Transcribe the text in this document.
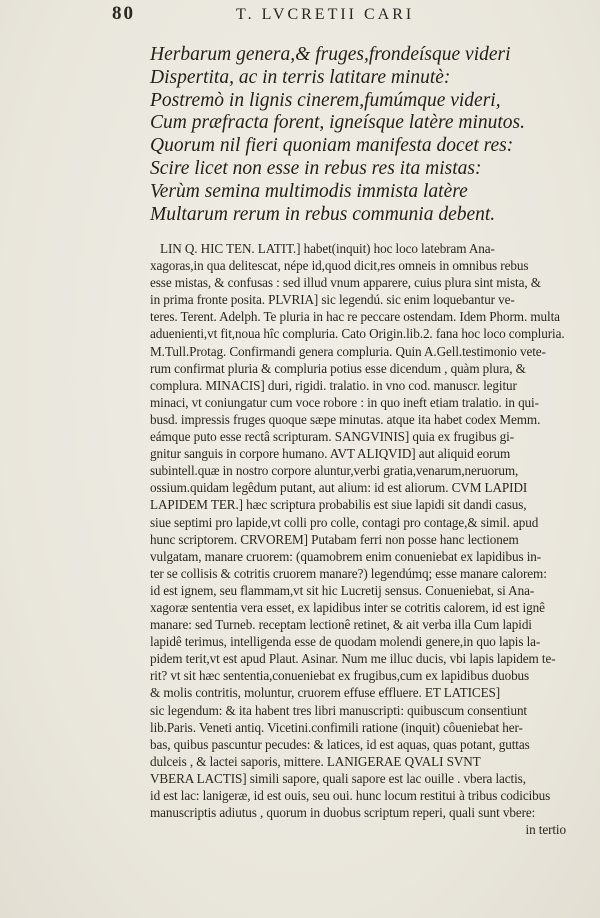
80	T. LVCRETII CARI
Herbarum genera,& fruges,frondeísque videri
Dispertita, ac in terris latitare minutè:
Postremò in lignis cinerem,fumúmque videri,
Cum præfracta forent, igneísque latère minutos.
Quorum nil fieri quoniam manifesta docet res:
Scire licet non esse in rebus res ita mistas:
Verùm semina multimodis immista latère
Multarum rerum in rebus communia debent.
LIN Q. HIC TEN. LATIT.] habet(inquit) hoc loco latebram Ana-
xagoras,in qua delitescat, népe id,quod dicit,res omneis in omnibus rebus
esse mistas, & confusas : sed illud vnum apparere, cuius plura sint mista, &
in prima fronte posita. PLVRIA] sic legendú. sic enim loquebantur ve-
teres. Terent. Adelph. Te pluria in hac re peccare ostendam. Idem Phorm. multa
aduenienti,vt fit,noua hîc compluria. Cato Origin.lib.2. fana hoc loco compluria.
M.Tull.Protag. Confirmandi genera compluria. Quin A.Gell.testimonio vete-
rum confirmat pluria & compluria potius esse dicendum , quàm plura, &
complura. MINACIS] duri, rigidi. tralatio. in vno cod. manuscr. legitur
minaci, vt coniungatur cum voce robore : in quo ineft etiam tralatio. in qui-
busd. impressis fruges quoque sæpe minutas. atque ita habet codex Memm.
eámque puto esse rectâ scripturam. SANGVINIS] quia ex frugibus gi-
gnitur sanguis in corpore humano. AVT ALIQVID] aut aliquid eorum
subintell.quæ in nostro corpore aluntur,verbi gratia,venarum,neruorum,
ossium.quidam legêdum putant, aut alium: id est aliorum. CVM LAPIDI
LAPIDEM TER.] hæc scriptura probabilis est siue lapidi sit dandi casus,
siue septimi pro lapide,vt colli pro colle, contagi pro contage,& simil. apud
hunc scriptorem. CRVOREM] Putabam ferri non posse hanc lectionem
vulgatam, manare cruorem: (quamobrem enim conueniebat ex lapidibus in-
ter se collisis & cotritis cruorem manare?) legendúmq; esse manare calorem:
id est ignem, seu flammam,vt sit hic Lucretij sensus. Conueniebat, si Ana-
xagoræ sententia vera esset, ex lapidibus inter se cotritis calorem, id est ignê
manare: sed Turneb. receptam lectionê retinet, & ait verba illa Cum lapidi
lapidê terimus, intelligenda esse de quodam molendi genere,in quo lapis la-
pidem terit,vt est apud Plaut. Asinar. Num me illuc ducis, vbi lapis lapidem te-
rit? vt sit hæc sententia,conueniebat ex frugibus,cum ex lapidibus duobus
& molis contritis, moluntur, cruorem effuse effluere. ET LATICES]
sic legendum: & ita habent tres libri manuscripti: quibuscum consentiunt
lib.Paris. Veneti antiq. Vicetini.confimili ratione (inquit) côueniebat her-
bas, quibus pascuntur pecudes: & latices, id est aquas, quas potant, guttas
dulceis , & lactei saporis, mittere. LANIGERAE QVALI SVNT
VBERA LACTIS] simili sapore, quali sapore est lac ouille . vbera lactis,
id est lac: lanigeræ, id est ouis, seu oui. hunc locum restitui à tribus codicibus
manuscriptis adiutus , quorum in duobus scriptum reperi, quali sunt vbere:
in tertio
